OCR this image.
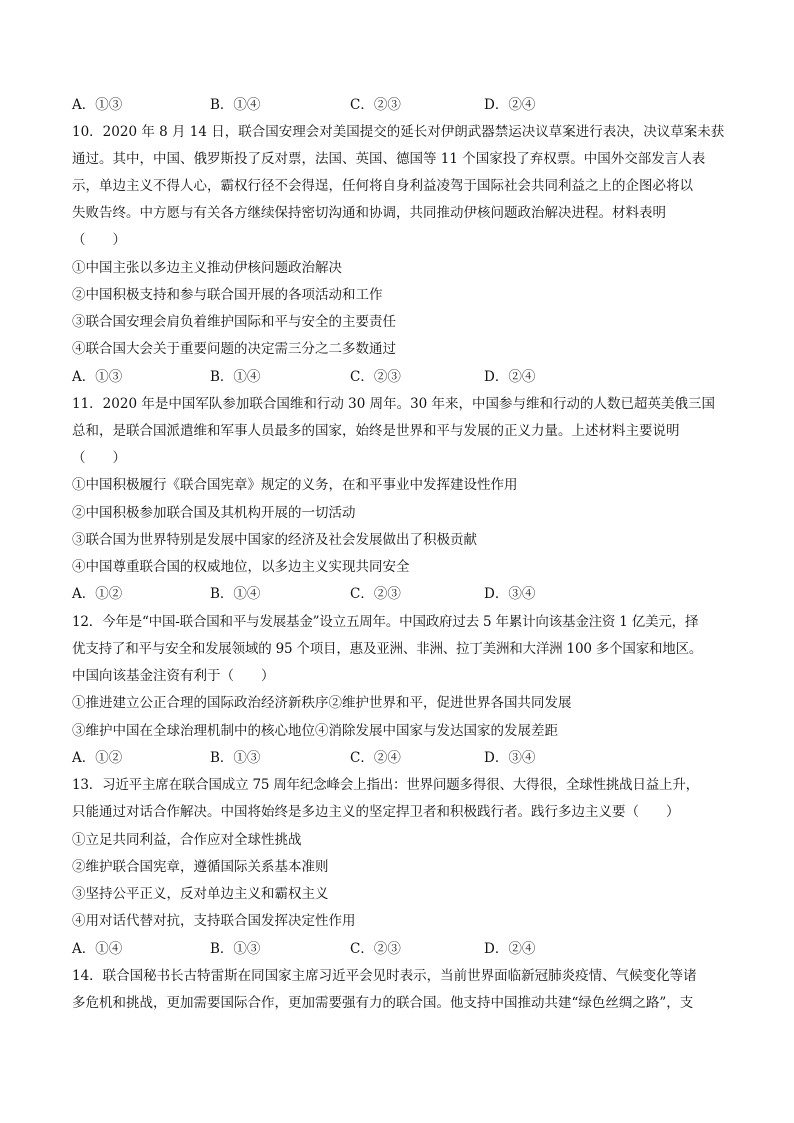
A．①③	B．①④	C．②③	D．②④
10．2020 年 8 月 14 日，联合国安理会对美国提交的延长对伊朗武器禁运决议草案进行表决，决议草案未获
通过。其中，中国、俄罗斯投了反对票，法国、英国、德国等 11 个国家投了弃权票。中国外交部发言人表
示，单边主义不得人心，霸权行径不会得逞，任何将自身利益凌驾于国际社会共同利益之上的企图必将以
失败告终。中方愿与有关各方继续保持密切沟通和协调，共同推动伊核问题政治解决进程。材料表明
（　　）
①中国主张以多边主义推动伊核问题政治解决
②中国积极支持和参与联合国开展的各项活动和工作
③联合国安理会肩负着维护国际和平与安全的主要责任
④联合国大会关于重要问题的决定需三分之二多数通过
A．①③	B．①④	C．②③	D．②④
11．2020 年是中国军队参加联合国维和行动 30 周年。30 年来，中国参与维和行动的人数已超英美俄三国
总和，是联合国派遣维和军事人员最多的国家，始终是世界和平与发展的正义力量。上述材料主要说明
（　　）
①中国积极履行《联合国宪章》规定的义务，在和平事业中发挥建设性作用
②中国积极参加联合国及其机构开展的一切活动
③联合国为世界特别是发展中国家的经济及社会发展做出了积极贡献
④中国尊重联合国的权威地位，以多边主义实现共同安全
A．①②	B．①④	C．②③	D．③④
12．今年是“中国-联合国和平与发展基金”设立五周年。中国政府过去 5 年累计向该基金注资 1 亿美元，择
优支持了和平与安全和发展领域的 95 个项目，惠及亚洲、非洲、拉丁美洲和大洋洲 100 多个国家和地区。
中国向该基金注资有利于（　　）
①推进建立公正合理的国际政治经济新秩序②维护世界和平，促进世界各国共同发展
③维护中国在全球治理机制中的核心地位④消除发展中国家与发达国家的发展差距
A．①②	B．①③	C．②④	D．③④
13．习近平主席在联合国成立 75 周年纪念峰会上指出：世界问题多得很、大得很，全球性挑战日益上升，
只能通过对话合作解决。中国将始终是多边主义的坚定捍卫者和积极践行者。践行多边主义要（　　）
①立足共同利益，合作应对全球性挑战
②维护联合国宪章，遵循国际关系基本准则
③坚持公平正义，反对单边主义和霸权主义
④用对话代替对抗，支持联合国发挥决定性作用
A．①④	B．①③	C．②③	D．②④
14．联合国秘书长古特雷斯在同国家主席习近平会见时表示，当前世界面临新冠肺炎疫情、气候变化等诸
多危机和挑战，更加需要国际合作，更加需要强有力的联合国。他支持中国推动共建“绿色丝绸之路”，支
